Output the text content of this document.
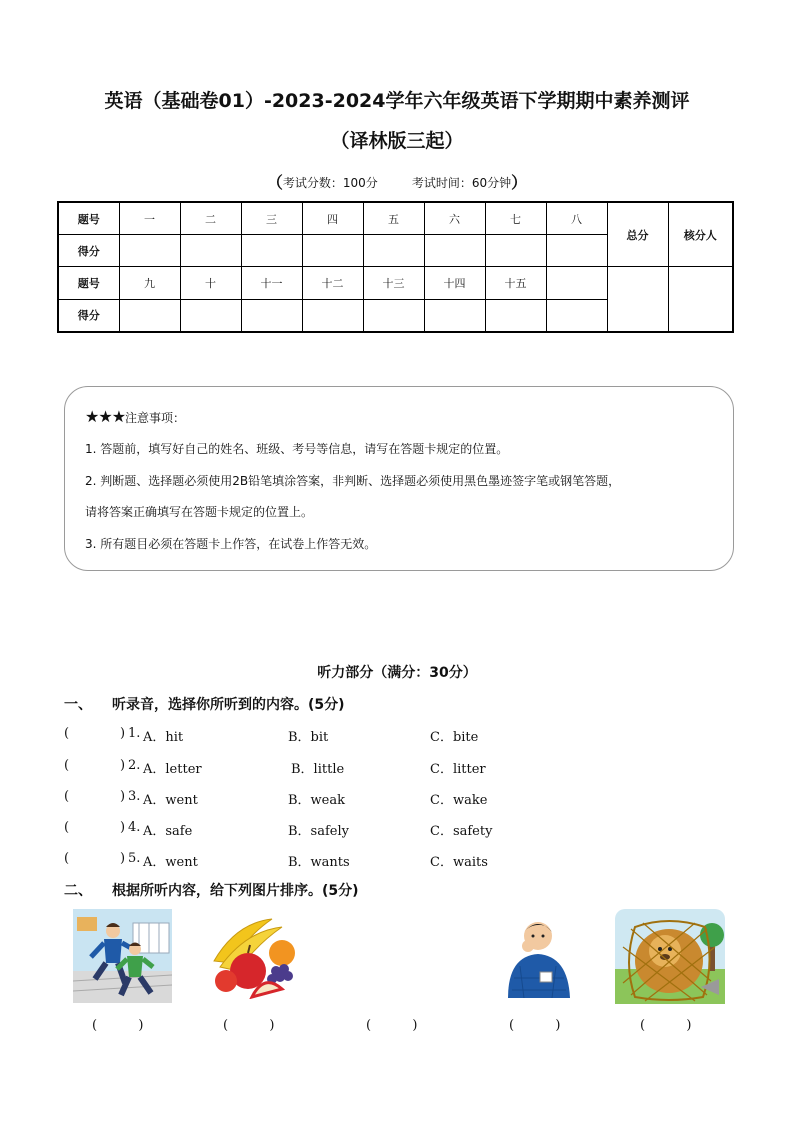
英语（基础卷01）-2023-2024学年六年级英语下学期期中素养测评
（译林版三起）
（考试分数：100分	考试时间：60分钟）
题号	一	二	三	四	五	六	七	八	总分	核分人
得分										
题号	九	十	十一	十二	十三	十四	十五			
得分										
★★★注意事项：
1. 答题前，填写好自己的姓名、班级、考号等信息，请写在答题卡规定的位置。
2. 判断题、选择题必须使用2B铅笔填涂答案，非判断、选择题必须使用黑色墨迹签字笔或钢笔答题，
请将答案正确填写在答题卡规定的位置上。
3. 所有题目必须在答题卡上作答，在试卷上作答无效。
听力部分（满分：30分）
一、 听录音，选择你所听到的内容。(5分)
(	) 1. A．hit	B．bit	C．bite
(	) 2. A．letter	B．little	C．litter
(	) 3. A．went	B．weak	C．wake
(	) 4. A．safe	B．safely	C．safety
(	) 5. A．went	B．wants	C．waits
二、 根据所听内容，给下列图片排序。(5分)
(          )	(          )	(          )	(          )	(          )
